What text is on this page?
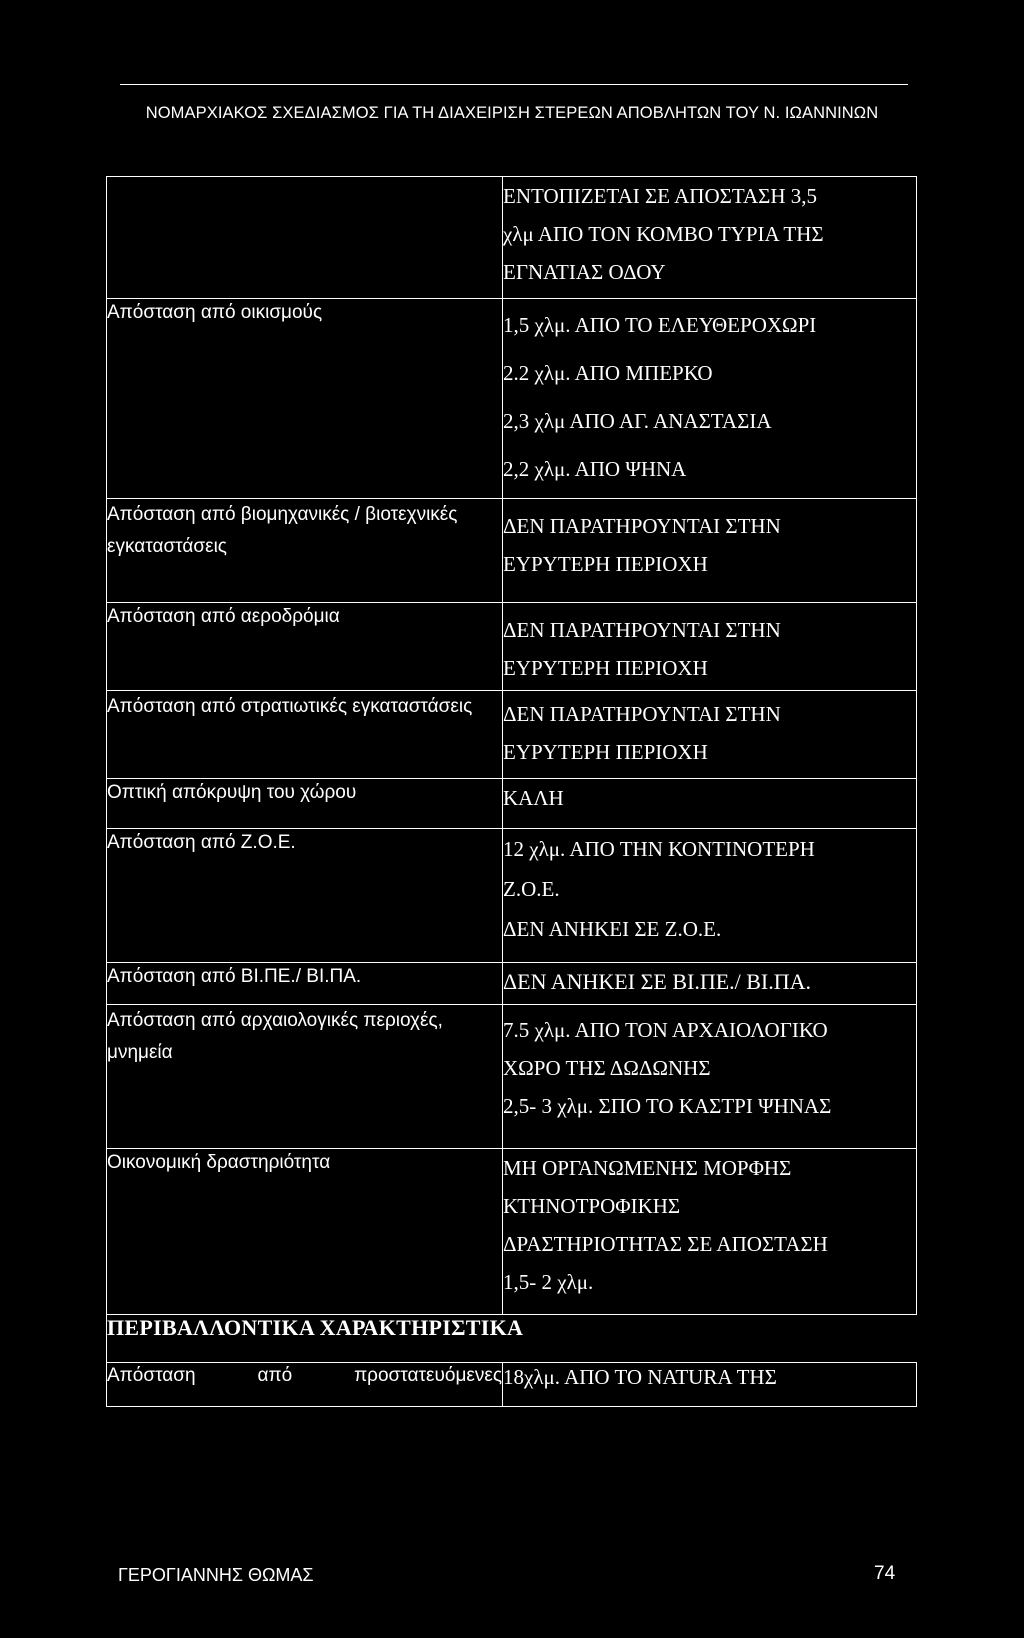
ΝΟΜΑΡΧΙΑΚΟΣ ΣΧΕΔΙΑΣΜΟΣ ΓΙΑ ΤΗ ΔΙΑΧΕΙΡΙΣΗ ΣΤΕΡΕΩΝ ΑΠΟΒΛΗΤΩΝ ΤΟΥ Ν. ΙΩΑΝΝΙΝΩΝ

	ΕΝΤΟΠΙΖΕΤΑΙ ΣΕ ΑΠΟΣΤΑΣΗ 3,5
χλμ ΑΠΟ ΤΟΝ ΚΟΜΒΟ ΤΥΡΙΑ ΤΗΣ
ΕΓΝΑΤΙΑΣ ΟΔΟΥ

Απόσταση από οικισμούς	1,5 χλμ. ΑΠΟ ΤΟ ΕΛΕΥΘΕΡΟΧΩΡΙ
2.2 χλμ. ΑΠΟ ΜΠΕΡΚΟ
2,3 χλμ ΑΠΟ ΑΓ. ΑΝΑΣΤΑΣΙΑ
2,2 χλμ. ΑΠΟ ΨΗΝΑ

Απόσταση από βιομηχανικές / βιοτεχνικές εγκαταστάσεις	ΔΕΝ ΠΑΡΑΤΗΡΟΥΝΤΑΙ ΣΤΗΝ
ΕΥΡΥΤΕΡΗ ΠΕΡΙΟΧΗ

Απόσταση από αεροδρόμια	ΔΕΝ ΠΑΡΑΤΗΡΟΥΝΤΑΙ ΣΤΗΝ
ΕΥΡΥΤΕΡΗ ΠΕΡΙΟΧΗ

Απόσταση από στρατιωτικές εγκαταστάσεις	ΔΕΝ ΠΑΡΑΤΗΡΟΥΝΤΑΙ ΣΤΗΝ
ΕΥΡΥΤΕΡΗ ΠΕΡΙΟΧΗ

Οπτική απόκρυψη του χώρου	ΚΑΛΗ

Απόσταση από Ζ.Ο.Ε.	12 χλμ. ΑΠΟ ΤΗΝ ΚΟΝΤΙΝΟΤΕΡΗ
Ζ.Ο.Ε.
ΔΕΝ ΑΝΗΚΕΙ ΣΕ Ζ.Ο.Ε.

Απόσταση από ΒΙ.ΠΕ./ ΒΙ.ΠΑ.	ΔΕΝ ΑΝΗΚΕΙ ΣΕ ΒΙ.ΠΕ./ ΒΙ.ΠΑ.

Απόσταση από αρχαιολογικές περιοχές, μνημεία	7.5 χλμ. ΑΠΟ ΤΟΝ ΑΡΧΑΙΟΛΟΓΙΚΟ
ΧΩΡΟ ΤΗΣ ΔΩΔΩΝΗΣ
2,5- 3 χλμ. ΣΠΟ ΤΟ ΚΑΣΤΡΙ ΨΗΝΑΣ

Οικονομική δραστηριότητα	ΜΗ ΟΡΓΑΝΩΜΕΝΗΣ ΜΟΡΦΗΣ
ΚΤΗΝΟΤΡΟΦΙΚΗΣ
ΔΡΑΣΤΗΡΙΟΤΗΤΑΣ ΣΕ ΑΠΟΣΤΑΣΗ
1,5- 2 χλμ.

ΠΕΡΙΒΑΛΛΟΝΤΙΚΑ ΧΑΡΑΚΤΗΡΙΣΤΙΚΑ	

Απόσταση από προστατευόμενες	18χλμ. ΑΠΟ ΤΟ NATURA ΤΗΣ
ΓΕΡΟΓΙΑΝΝΗΣ ΘΩΜΑΣ	74
